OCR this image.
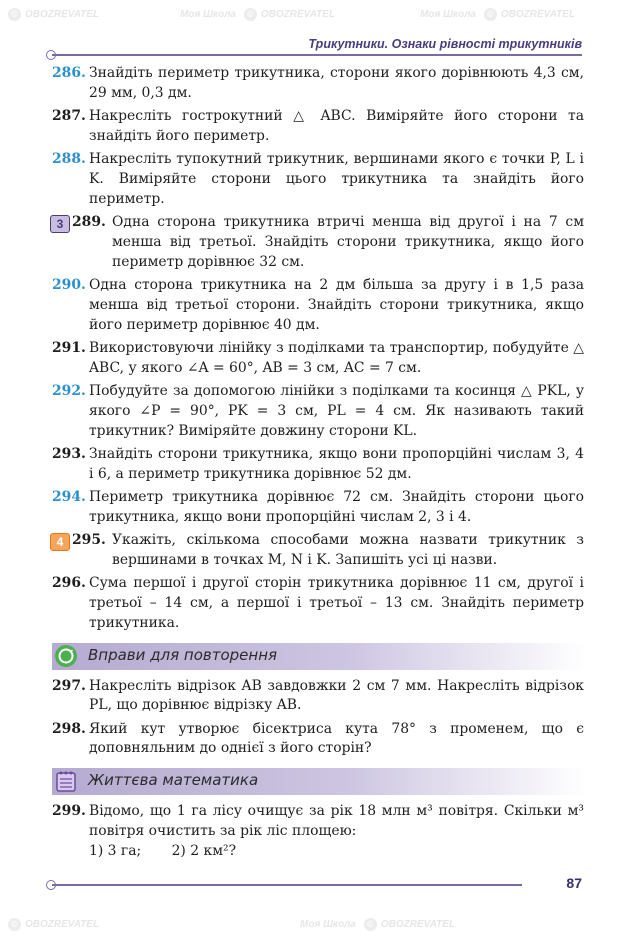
© OBOZREVATEL	Моя Школа © OBOZREVATEL	Моя Школа © OBOZREVATEL
© OBOZREVATEL	Моя Школа © OBOZREVATEL
Трикутники. Ознаки рівності трикутників
286. Знайдіть периметр трикутника, сторони якого дорівнюють 4,3 см, 29 мм, 0,3 дм.
287. Накресліть гострокутний △ ABC. Виміряйте його сторони та знайдіть його периметр.
288. Накресліть тупокутний трикутник, вершинами якого є точки P, L і K. Виміряйте сторони цього трикутника та знайдіть його периметр.
3 289. Одна сторона трикутника втричі менша від другої і на 7 см менша від третьої. Знайдіть сторони трикутника, якщо його периметр дорівнює 32 см.
290. Одна сторона трикутника на 2 дм більша за другу і в 1,5 раза менша від третьої сторони. Знайдіть сторони трикутника, якщо його периметр дорівнює 40 дм.
291. Використовуючи лінійку з поділками та транспортир, побудуйте △ ABC, у якого ∠A = 60°, AB = 3 см, AC = 7 см.
292. Побудуйте за допомогою лінійки з поділками та косинця △ PKL, у якого ∠P = 90°, PK = 3 см, PL = 4 см. Як називають такий трикутник? Виміряйте довжину сторони KL.
293. Знайдіть сторони трикутника, якщо вони пропорційні числам 3, 4 і 6, а периметр трикутника дорівнює 52 дм.
294. Периметр трикутника дорівнює 72 см. Знайдіть сторони цього трикутника, якщо вони пропорційні числам 2, 3 і 4.
4 295. Укажіть, скількома способами можна назвати трикутник з вершинами в точках M, N і K. Запишіть усі ці назви.
296. Сума першої і другої сторін трикутника дорівнює 11 см, другої і третьої – 14 см, а першої і третьої – 13 см. Знайдіть периметр трикутника.
Вправи для повторення
297. Накресліть відрізок AB завдовжки 2 см 7 мм. Накресліть відрізок PL, що дорівнює відрізку AB.
298. Який кут утворює бісектриса кута 78° з променем, що є доповняльним до однієї з його сторін?
Життєва математика
299. Відомо, що 1 га лісу очищує за рік 18 млн м³ повітря. Скільки м³ повітря очистить за рік ліс площею:
1) 3 га; 2) 2 км²?
87
